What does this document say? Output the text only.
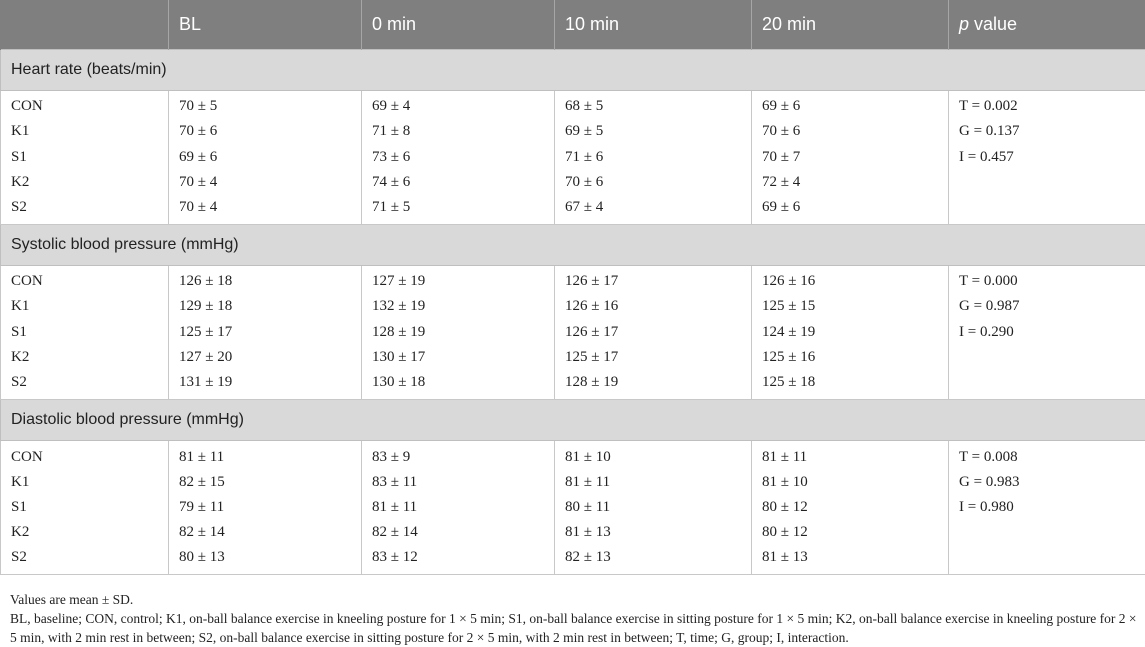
	BL	0 min	10 min	20 min	p value
Heart rate (beats/min)					
CON	70 ± 5	69 ± 4	68 ± 5	69 ± 6	T = 0.002
K1	70 ± 6	71 ± 8	69 ± 5	70 ± 6	G = 0.137
S1	69 ± 6	73 ± 6	71 ± 6	70 ± 7	I = 0.457
K2	70 ± 4	74 ± 6	70 ± 6	72 ± 4	
S2	70 ± 4	71 ± 5	67 ± 4	69 ± 6	
Systolic blood pressure (mmHg)					
CON	126 ± 18	127 ± 19	126 ± 17	126 ± 16	T = 0.000
K1	129 ± 18	132 ± 19	126 ± 16	125 ± 15	G = 0.987
S1	125 ± 17	128 ± 19	126 ± 17	124 ± 19	I = 0.290
K2	127 ± 20	130 ± 17	125 ± 17	125 ± 16	
S2	131 ± 19	130 ± 18	128 ± 19	125 ± 18	
Diastolic blood pressure (mmHg)					
CON	81 ± 11	83 ± 9	81 ± 10	81 ± 11	T = 0.008
K1	82 ± 15	83 ± 11	81 ± 11	81 ± 10	G = 0.983
S1	79 ± 11	81 ± 11	80 ± 11	80 ± 12	I = 0.980
K2	82 ± 14	82 ± 14	81 ± 13	80 ± 12	
S2	80 ± 13	83 ± 12	82 ± 13	81 ± 13	

Values are mean ± SD.

BL, baseline; CON, control; K1, on-ball balance exercise in kneeling posture for 1 × 5 min; S1, on-ball balance exercise in sitting posture for 1 × 5 min; K2, on-ball balance exercise in kneeling posture for 2 × 5 min, with 2 min rest in between; S2, on-ball balance exercise in sitting posture for 2 × 5 min, with 2 min rest in between; T, time; G, group; I, interaction.
